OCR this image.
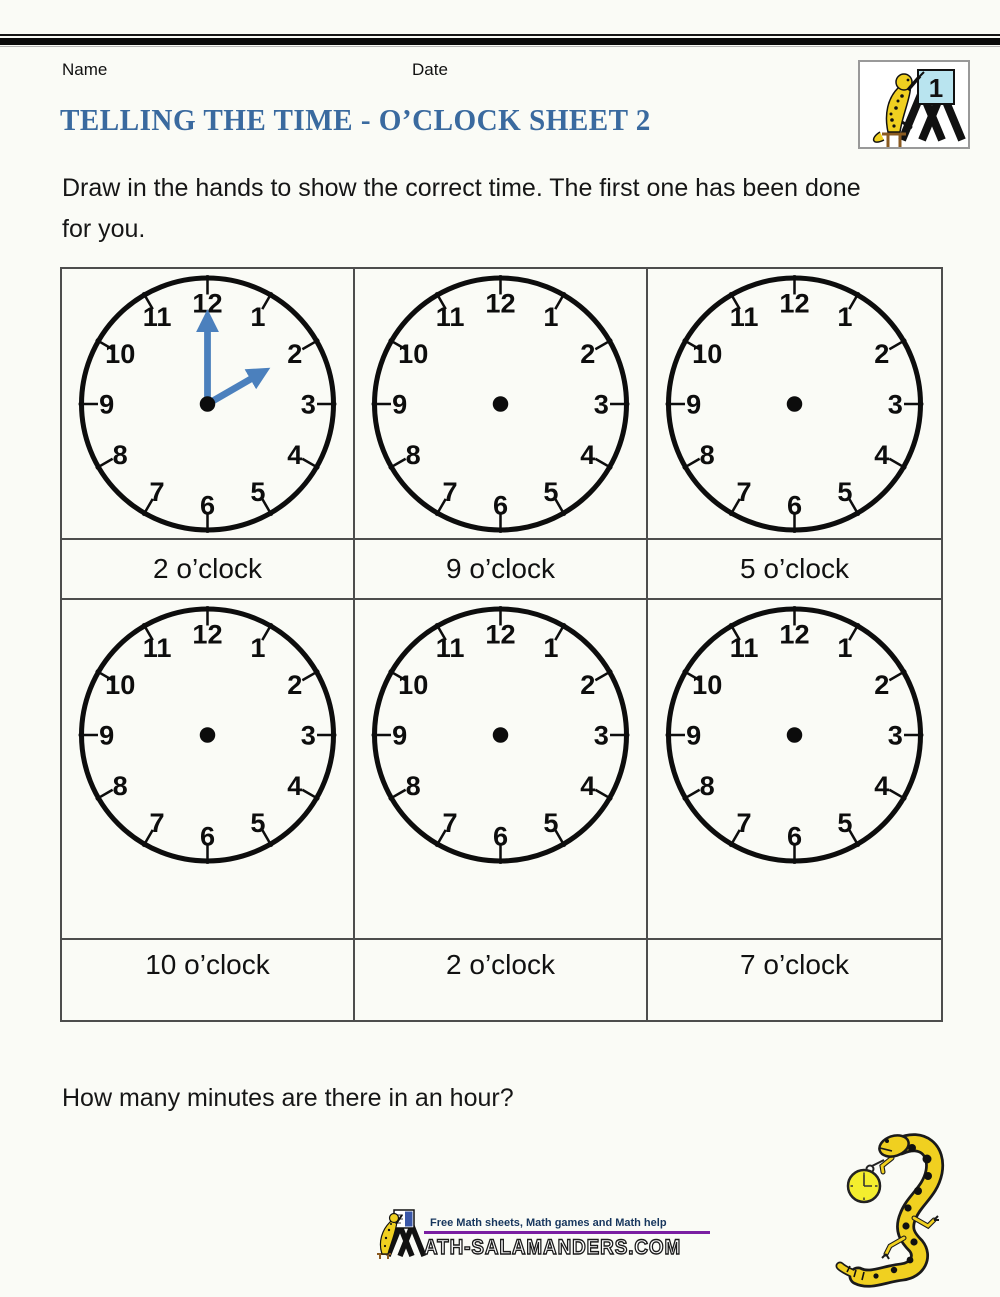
Name	Date
1
TELLING THE TIME - O’CLOCK SHEET 2
Draw in the hands to show the correct time. The first one has been done
for you.
12 1
2
3
4
5
6
7
8
9
10
11	12 1
2
3
4
5
6
7
8
9
10
11	12 1
2
3
4
5
6
7
8
9
10
11
2 o’clock	9 o’clock	5 o’clock
12 1
2
3
4
5
6
7
8
9
10
11	12 1
2
3
4
5
6
7
8
9
10
11	12 1
2
3
4
5
6
7
8
9
10
11
10 o’clock	2 o’clock	7 o’clock
How many minutes are there in an hour?
Free Math sheets, Math games and Math help
ATH-SALAMANDERS.COM
